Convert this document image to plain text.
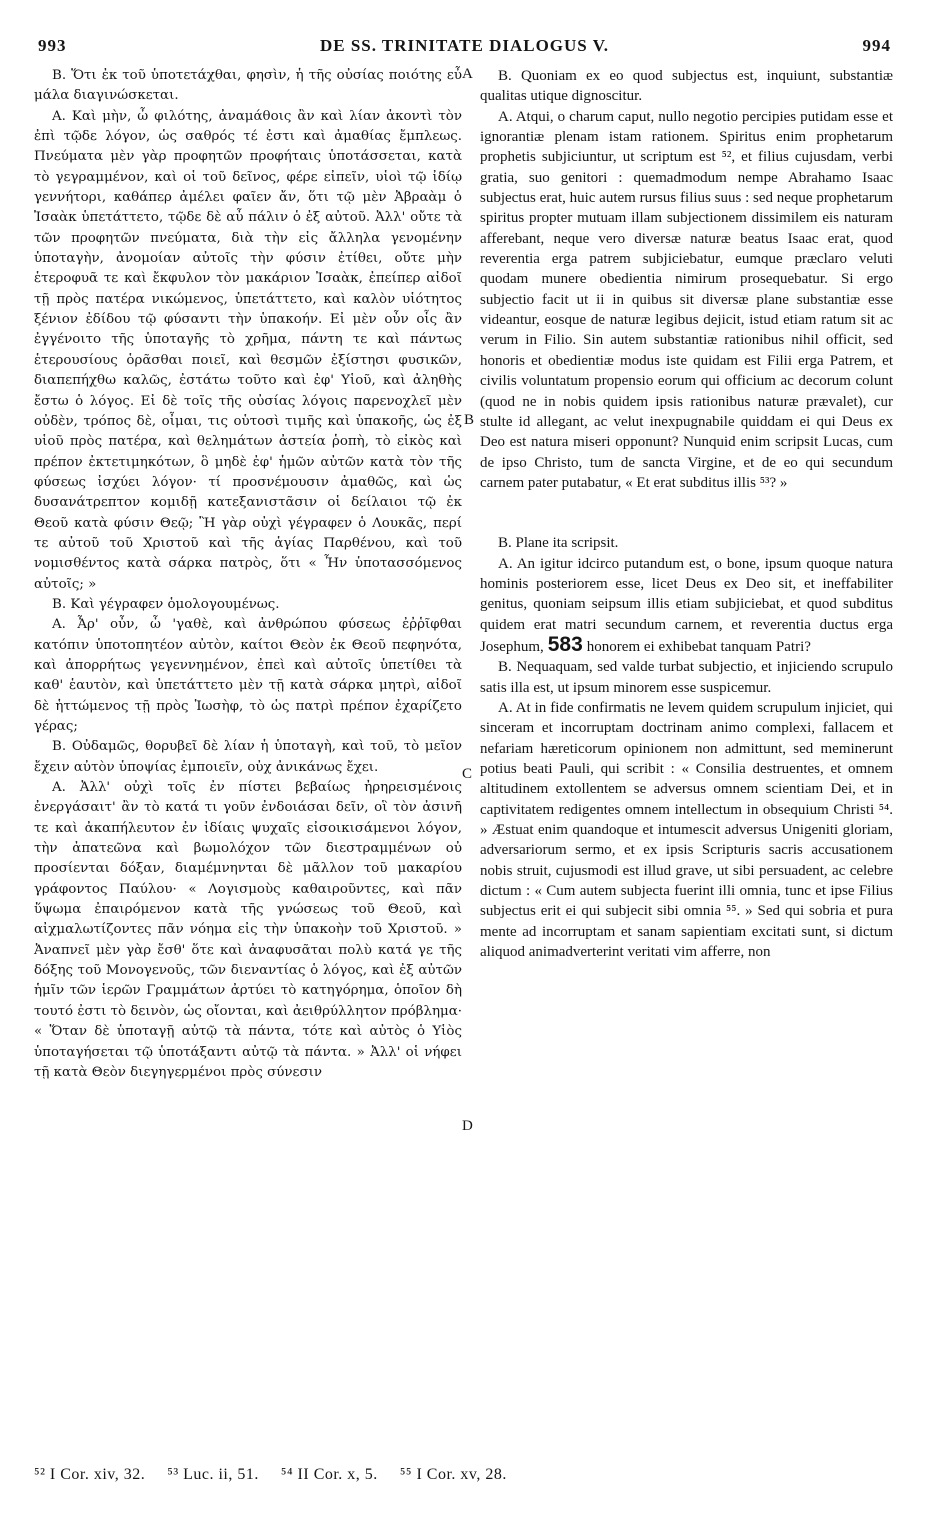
993	DE SS. TRINITATE DIALOGUS V.	994

Β. Ὅτι ἐκ τοῦ ὑποτετάχθαι, φησὶν, ἡ τῆς οὐσίας ποιότης εὖ μάλα διαγινώσκεται.

Α. Καὶ μὴν, ὦ φιλότης, ἀναμάθοις ἂν καὶ λίαν ἀκοντὶ τὸν ἐπὶ τῷδε λόγον, ὡς σαθρός τέ ἐστι καὶ ἀμαθίας ἔμπλεως. Πνεύματα μὲν γὰρ προφητῶν προφήταις ὑποτάσσεται, κατὰ τὸ γεγραμμένον, καὶ οἱ τοῦ δεῖνος, φέρε εἰπεῖν, υἱοὶ τῷ ἰδίῳ γεννήτορι, καθάπερ ἀμέλει φαῖεν ἄν, ὅτι τῷ μὲν Ἀβραὰμ ὁ Ἰσαὰκ ὑπετάττετο, τῷδε δὲ αὖ πάλιν ὁ ἐξ αὐτοῦ. Ἀλλ' οὔτε τὰ τῶν προφητῶν πνεύματα, διὰ τὴν εἰς ἄλληλα γενομένην ὑποταγὴν, ἀνομοίαν αὐτοῖς τὴν φύσιν ἐτίθει, οὔτε μὴν ἑτεροφυᾶ τε καὶ ἔκφυλον τὸν μακάριον Ἰσαὰκ, ἐπείπερ αἰδοῖ τῇ πρὸς πατέρα νικώμενος, ὑπετάττετο, καὶ καλὸν υἱότητος ξένιον ἐδίδου τῷ φύσαντι τὴν ὑπακοήν. Εἰ μὲν οὖν οἷς ἂν ἐγγένοιτο τῆς ὑποταγῆς τὸ χρῆμα, πάντη τε καὶ πάντως ἑτερουσίους ὁρᾶσθαι ποιεῖ, καὶ θεσμῶν ἐξίστησι φυσικῶν, διαπεπήχθω καλῶς, ἐστάτω τοῦτο καὶ ἐφ' Υἱοῦ, καὶ ἀληθὴς ἔστω ὁ λόγος. Εἰ δὲ τοῖς τῆς οὐσίας λόγοις παρενοχλεῖ μὲν οὐδὲν, τρόπος δὲ, οἶμαι, τις οὑτοσὶ τιμῆς καὶ ὑπακοῆς, ὡς ἐξ υἱοῦ πρὸς πατέρα, καὶ θελημάτων ἀστεία ῥοπὴ, τὸ εἰκὸς καὶ πρέπον ἐκτετιμηκότων, ὃ μηδὲ ἐφ' ἡμῶν αὐτῶν κατὰ τὸν τῆς φύσεως ἰσχύει λόγον· τί προσνέμουσιν ἀμαθῶς, καὶ ὡς δυσανάτρεπτον κομιδῇ κατεξανιστᾶσιν οἱ δείλαιοι τῷ ἐκ Θεοῦ κατὰ φύσιν Θεῷ; Ἢ γὰρ οὐχὶ γέγραφεν ὁ Λουκᾶς, περί τε αὐτοῦ τοῦ Χριστοῦ καὶ τῆς ἁγίας Παρθένου, καὶ τοῦ νομισθέντος κατὰ σάρκα πατρὸς, ὅτι « Ἦν ὑποτασσόμενος αὐτοῖς; »

Β. Καὶ γέγραφεν ὁμολογουμένως.

Α. Ἆρ' οὖν, ὦ 'γαθὲ, καὶ ἀνθρώπου φύσεως ἐῤῥῖφθαι κατόπιν ὑποτοπητέον αὐτὸν, καίτοι Θεὸν ἐκ Θεοῦ πεφηνότα, καὶ ἀπορρήτως γεγεννημένον, ἐπεὶ καὶ αὐτοῖς ὑπετίθει τὰ καθ' ἑαυτὸν, καὶ ὑπετάττετο μὲν τῇ κατὰ σάρκα μητρὶ, αἰδοῖ δὲ ἡττώμενος τῇ πρὸς Ἰωσὴφ, τὸ ὡς πατρὶ πρέπον ἐχαρίζετο γέρας;

Β. Οὐδαμῶς, θορυβεῖ δὲ λίαν ἡ ὑποταγὴ, καὶ τοῦ, τὸ μεῖον ἔχειν αὐτὸν ὑποψίας ἐμποιεῖν, οὐχ ἀνικάνως ἔχει.

Α. Ἀλλ' οὐχὶ τοῖς ἐν πίστει βεβαίως ἠρηρεισμένοις ἐνεργάσαιτ' ἂν τὸ κατά τι γοῦν ἐνδοιάσαι δεῖν, οἳ τὸν ἀσινῆ τε καὶ ἀκαπήλευτον ἐν ἰδίαις ψυχαῖς εἰσοικισάμενοι λόγον, τὴν ἀπατεῶνα καὶ βωμολόχον τῶν διεστραμμένων οὐ προσίενται δόξαν, διαμέμνηνται δὲ μᾶλλον τοῦ μακαρίου γράφοντος Παύλου· « Λογισμοὺς καθαιροῦντες, καὶ πᾶν ὕψωμα ἐπαιρόμενον κατὰ τῆς γνώσεως τοῦ Θεοῦ, καὶ αἰχμαλωτίζοντες πᾶν νόημα εἰς τὴν ὑπακοὴν τοῦ Χριστοῦ. » Ἀναπνεῖ μὲν γὰρ ἔσθ' ὅτε καὶ ἀναφυσᾶται πολὺ κατά γε τῆς δόξης τοῦ Μονογενοῦς, τῶν διεναντίας ὁ λόγος, καὶ ἐξ αὐτῶν ἡμῖν τῶν ἱερῶν Γραμμάτων ἀρτύει τὸ κατηγόρημα, ὁποῖον δὴ τουτό ἐστι τὸ δεινὸν, ὡς οἴονται, καὶ ἀειθρύλλητον πρόβλημα· « Ὅταν δὲ ὑποταγῇ αὐτῷ τὰ πάντα, τότε καὶ αὐτὸς ὁ Υἱὸς ὑποταγήσεται τῷ ὑποτάξαντι αὐτῷ τὰ πάντα. » Ἀλλ' οἱ νήφει τῇ κατὰ Θεὸν διεγηγερμένοι πρὸς σύνεσιν

B. Quoniam ex eo quod subjectus est, inquiunt, substantiæ qualitas utique dignoscitur.

A. Atqui, o charum caput, nullo negotio percipies putidam esse et ignorantiæ plenam istam rationem. Spiritus enim prophetarum prophetis subjiciuntur, ut scriptum est ⁵², et filius cujusdam, verbi gratia, suo genitori : quemadmodum nempe Abrahamo Isaac subjectus erat, huic autem rursus filius suus : sed neque prophetarum spiritus propter mutuam illam subjectionem dissimilem eis naturam afferebant, neque vero diversæ naturæ beatus Isaac erat, quod reverentia erga patrem subjiciebatur, eumque præclaro veluti quodam munere obedientia nimirum prosequebatur. Si ergo subjectio facit ut ii in quibus sit diversæ plane substantiæ esse videantur, eosque de naturæ legibus dejicit, istud etiam ratum sit ac verum in Filio. Sin autem substantiæ rationibus nihil officit, sed honoris et obedientiæ modus iste quidam est Filii erga Patrem, et civilis voluntatum propensio eorum qui officium ac decorum colunt (quod ne in nobis quidem ipsis rationibus naturæ prævalet), cur stulte id allegant, ac velut inexpugnabile quiddam ei qui Deus ex Deo est natura miseri opponunt? Nunquid enim scripsit Lucas, cum de ipso Christo, tum de sancta Virgine, et de eo qui secundum carnem pater putabatur, « Et erat subditus illis ⁵³? »

B. Plane ita scripsit.

A. An igitur idcirco putandum est, o bone, ipsum quoque natura hominis posteriorem esse, licet Deus ex Deo sit, et ineffabiliter genitus, quoniam seipsum illis etiam subjiciebat, et quod subditus quidem erat matri secundum carnem, et reverentia ductus erga Josephum, 583 honorem ei exhibebat tanquam Patri?

B. Nequaquam, sed valde turbat subjectio, et injiciendo scrupulo satis illa est, ut ipsum minorem esse suspicemur.

A. At in fide confirmatis ne levem quidem scrupulum injiciet, qui sinceram et incorruptam doctrinam animo complexi, fallacem et nefariam hæreticorum opinionem non admittunt, sed meminerunt potius beati Pauli, qui scribit : « Consilia destruentes, et omnem altitudinem extollentem se adversus omnem scientiam Dei, et in captivitatem redigentes omnem intellectum in obsequium Christi ⁵⁴. » Æstuat enim quandoque et intumescit adversus Unigeniti gloriam, adversariorum sermo, et ex ipsis Scripturis sacris accusationem nobis struit, cujusmodi est illud grave, ut sibi persuadent, ac celebre dictum : « Cum autem subjecta fuerint illi omnia, tunc et ipse Filius subjectus erit ei qui subjecit sibi omnia ⁵⁵. » Sed qui sobria et pura mente ad incorruptam et sanam sapientiam excitati sunt, si dictum aliquod animadverterint veritati vim afferre, non

A
B
C
D
⁵² I Cor. xiv, 32. ⁵³ Luc. ii, 51. ⁵⁴ II Cor. x, 5. ⁵⁵ I Cor. xv, 28.
